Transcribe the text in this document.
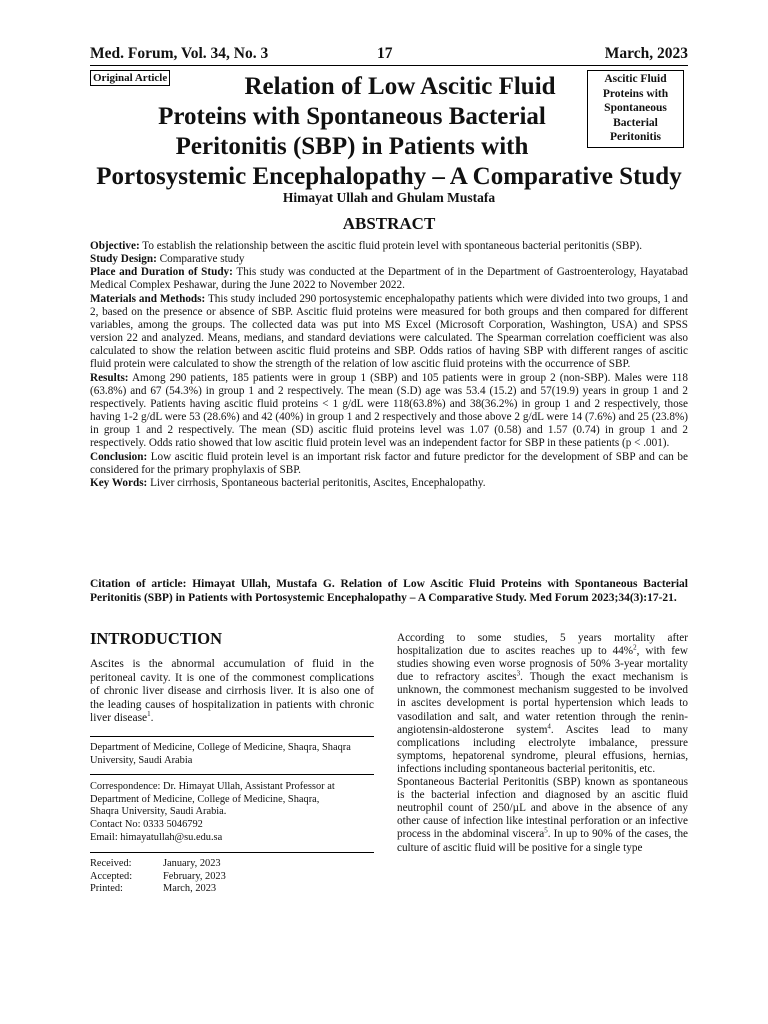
Med. Forum, Vol. 34, No. 3	17	March, 2023
Original Article	Ascitic Fluid
Proteins with
Spontaneous
Bacterial
Peritonitis
Relation of Low Ascitic Fluid
Proteins with Spontaneous Bacterial
Peritonitis (SBP) in Patients with
Portosystemic Encephalopathy – A Comparative Study
Himayat Ullah and Ghulam Mustafa
ABSTRACT

Objective: To establish the relationship between the ascitic fluid protein level with spontaneous bacterial peritonitis (SBP).

Study Design: Comparative study

Place and Duration of Study: This study was conducted at the Department of in the Department of Gastroenterology, Hayatabad Medical Complex Peshawar, during the June 2022 to November 2022.

Materials and Methods: This study included 290 portosystemic encephalopathy patients which were divided into two groups, 1 and 2, based on the presence or absence of SBP. Ascitic fluid proteins were measured for both groups and then compared for different variables, among the groups. The collected data was put into MS Excel (Microsoft Corporation, Washington, USA) and SPSS version 22 and analyzed. Means, medians, and standard deviations were calculated. The Spearman correlation coefficient was also calculated to show the relation between ascitic fluid proteins and SBP. Odds ratios of having SBP with different ranges of ascitic fluid protein were calculated to show the strength of the relation of low ascitic fluid proteins with the occurrence of SBP.

Results: Among 290 patients, 185 patients were in group 1 (SBP) and 105 patients were in group 2 (non-SBP). Males were 118 (63.8%) and 67 (54.3%) in group 1 and 2 respectively. The mean (S.D) age was 53.4 (15.2) and 57(19.9) years in group 1 and 2 respectively. Patients having ascitic fluid proteins < 1 g/dL were 118(63.8%) and 38(36.2%) in group 1 and 2 respectively, those having 1-2 g/dL were 53 (28.6%) and 42 (40%) in group 1 and 2 respectively and those above 2 g/dL were 14 (7.6%) and 25 (23.8%) in group 1 and 2 respectively. The mean (SD) ascitic fluid proteins level was 1.07 (0.58) and 1.57 (0.74) in group 1 and 2 respectively. Odds ratio showed that low ascitic fluid protein level was an independent factor for SBP in these patients (p < .001).

Conclusion: Low ascitic fluid protein level is an important risk factor and future predictor for the development of SBP and can be considered for the primary prophylaxis of SBP.

Key Words: Liver cirrhosis, Spontaneous bacterial peritonitis, Ascites, Encephalopathy.

Citation of article: Himayat Ullah, Mustafa G. Relation of Low Ascitic Fluid Proteins with Spontaneous Bacterial Peritonitis (SBP) in Patients with Portosystemic Encephalopathy – A Comparative Study. Med Forum 2023;34(3):17-21.
INTRODUCTION

Ascites is the abnormal accumulation of fluid in the peritoneal cavity. It is one of the commonest complications of chronic liver disease and cirrhosis liver. It is also one of the leading causes of hospitalization in patients with chronic liver disease$^1$.

Department of Medicine, College of Medicine, Shaqra, Shaqra University, Saudi Arabia
Correspondence: Dr. Himayat Ullah, Assistant Professor at
Department of Medicine, College of Medicine, Shaqra,
Shaqra University, Saudi Arabia.
Contact No: 0333 5046792
Email: himayatullah@su.edu.sa
Received:	January, 2023
Accepted:	February, 2023
Printed:	March, 2023

According to some studies, 5 years mortality after hospitalization due to ascites reaches up to 44%$^2$, with few studies showing even worse prognosis of 50% 3-year mortality due to refractory ascites$^3$. Though the exact mechanism is unknown, the commonest mechanism suggested to be involved in ascites development is portal hypertension which leads to vasodilation and salt, and water retention through the renin-angiotensin-aldosterone system$^4$. Ascites lead to many complications including electrolyte imbalance, pressure symptoms, hepatorenal syndrome, pleural effusions, hernias, infections including spontaneous bacterial peritonitis, etc.

Spontaneous Bacterial Peritonitis (SBP) known as spontaneous is the bacterial infection and diagnosed by an ascitic fluid neutrophil count of 250/µL and above in the absence of any other cause of infection like intestinal perforation or an infective process in the abdominal viscera$^5$. In up to 90% of the cases, the culture of ascitic fluid will be positive for a single type
